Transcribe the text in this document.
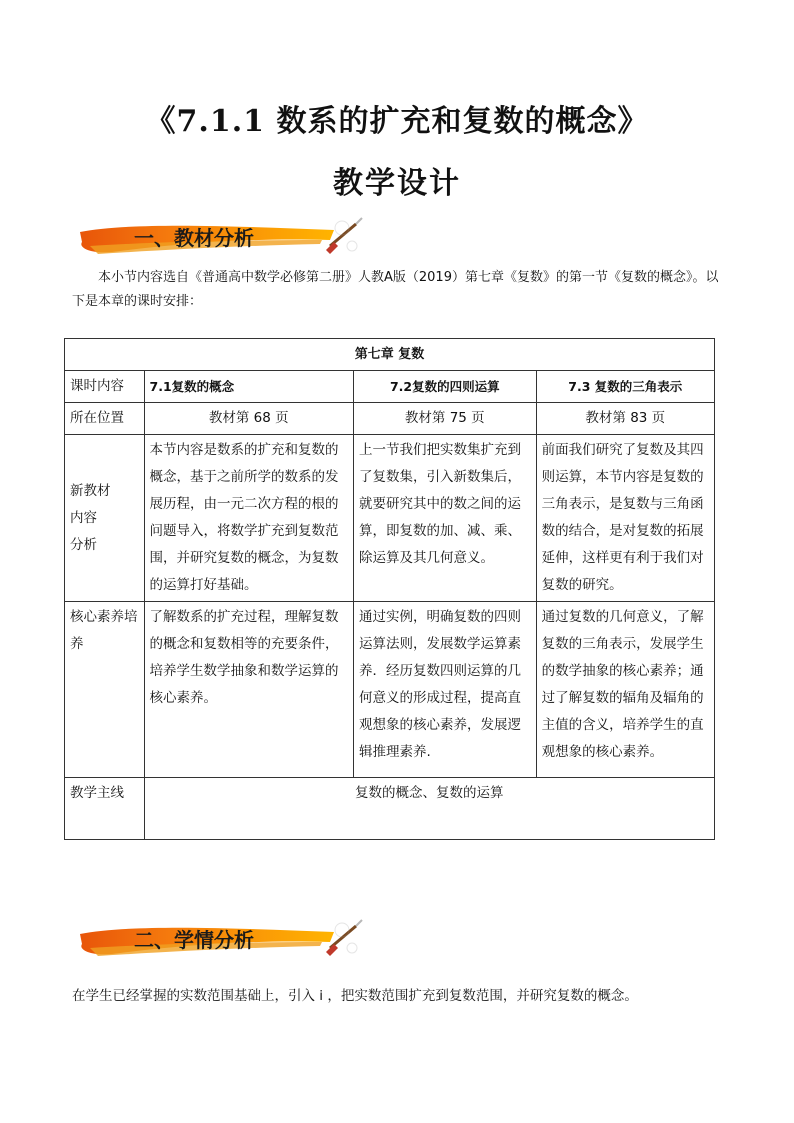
《7.1.1 数系的扩充和复数的概念》
教学设计
一、教材分析

本小节内容选自《普通高中数学必修第二册》人教A版（2019）第七章《复数》的第一节《复数的概念》。以下是本章的课时安排：

第七章 复数			
课时内容	7.1复数的概念	7.2复数的四则运算	7.3 复数的三角表示
所在位置	教材第 68 页	教材第 75 页	教材第 83 页

新教材
内容
分析	本节内容是数系的扩充和复数的概念，基于之前所学的数系的发展历程，由一元二次方程的根的问题导入，将数学扩充到复数范围，并研究复数的概念，为复数的运算打好基础。	上一节我们把实数集扩充到了复数集，引入新数集后，就要研究其中的数之间的运算，即复数的加、减、乘、除运算及其几何意义。	前面我们研究了复数及其四则运算，本节内容是复数的三角表示，是复数与三角函数的结合，是对复数的拓展延伸，这样更有利于我们对复数的研究。
核心素养培养	了解数系的扩充过程，理解复数的概念和复数相等的充要条件，培养学生数学抽象和数学运算的核心素养。	通过实例，明确复数的四则运算法则，发展数学运算素养．经历复数四则运算的几何意义的形成过程，提高直观想象的核心素养，发展逻辑推理素养.	通过复数的几何意义，了解复数的三角表示，发展学生的数学抽象的核心素养；通过了解复数的辐角及辐角的主值的含义，培养学生的直观想象的核心素养。
教学主线	复数的概念、复数的运算		
二、学情分析

在学生已经掌握的实数范围基础上，引入 i ，把实数范围扩充到复数范围，并研究复数的概念。
